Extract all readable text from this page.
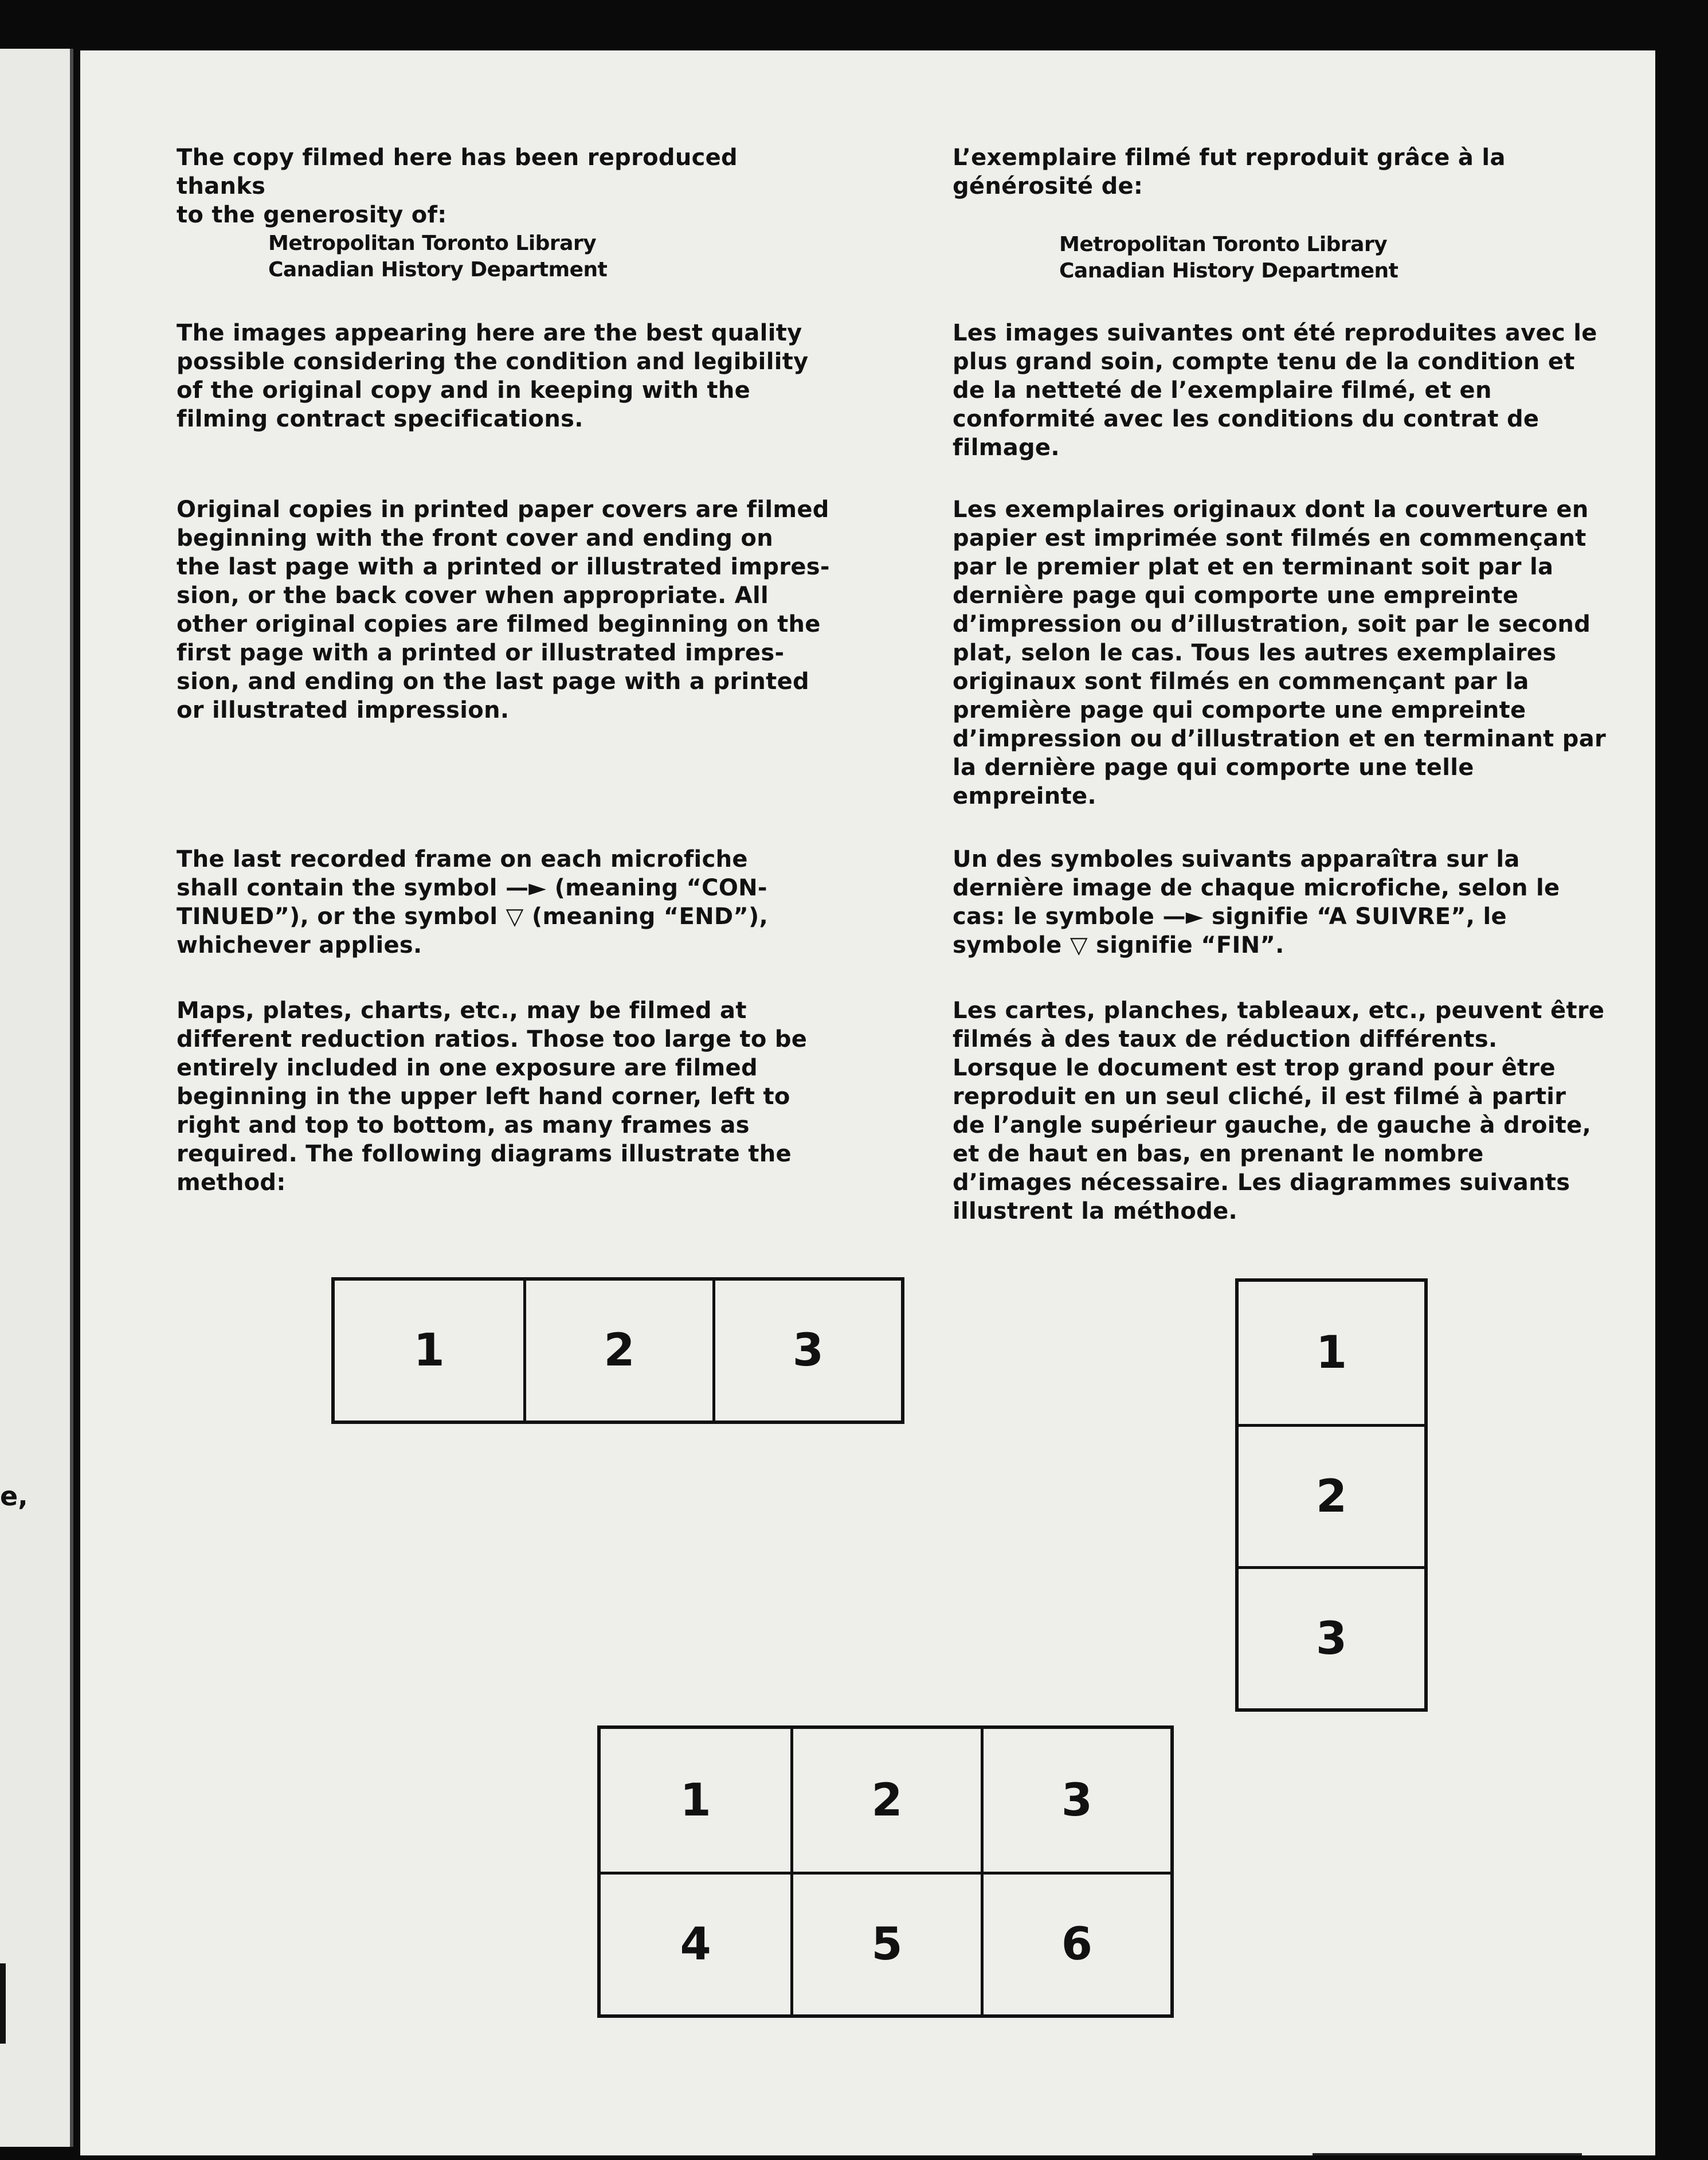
e,
The copy filmed here has been reproduced thanks
to the generosity of:
Metropolitan Toronto Library
Canadian History Department
The images appearing here are the best quality
possible considering the condition and legibility
of the original copy and in keeping with the
filming contract specifications.
Original copies in printed paper covers are filmed
beginning with the front cover and ending on
the last page with a printed or illustrated impres-
sion, or the back cover when appropriate. All
other original copies are filmed beginning on the
first page with a printed or illustrated impres-
sion, and ending on the last page with a printed
or illustrated impression.
The last recorded frame on each microfiche
shall contain the symbol —► (meaning “CON-
TINUED”), or the symbol ▽ (meaning “END”),
whichever applies.
Maps, plates, charts, etc., may be filmed at
different reduction ratios. Those too large to be
entirely included in one exposure are filmed
beginning in the upper left hand corner, left to
right and top to bottom, as many frames as
required. The following diagrams illustrate the
method:
L’exemplaire filmé fut reproduit grâce à la
générosité de:
Metropolitan Toronto Library
Canadian History Department
Les images suivantes ont été reproduites avec le
plus grand soin, compte tenu de la condition et
de la netteté de l’exemplaire filmé, et en
conformité avec les conditions du contrat de
filmage.
Les exemplaires originaux dont la couverture en
papier est imprimée sont filmés en commençant
par le premier plat et en terminant soit par la
dernière page qui comporte une empreinte
d’impression ou d’illustration, soit par le second
plat, selon le cas. Tous les autres exemplaires
originaux sont filmés en commençant par la
première page qui comporte une empreinte
d’impression ou d’illustration et en terminant par
la dernière page qui comporte une telle
empreinte.
Un des symboles suivants apparaîtra sur la
dernière image de chaque microfiche, selon le
cas: le symbole —► signifie “A SUIVRE”, le
symbole ▽ signifie “FIN”.
Les cartes, planches, tableaux, etc., peuvent être
filmés à des taux de réduction différents.
Lorsque le document est trop grand pour être
reproduit en un seul cliché, il est filmé à partir
de l’angle supérieur gauche, de gauche à droite,
et de haut en bas, en prenant le nombre
d’images nécessaire. Les diagrammes suivants
illustrent la méthode.
1	2	3	1
2
3
1	2	3
4	5	6
